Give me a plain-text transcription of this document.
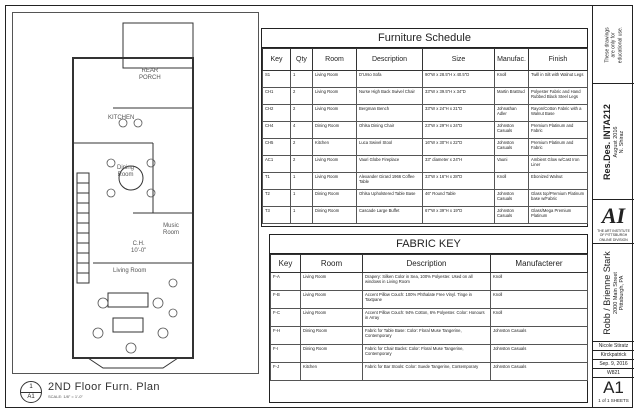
REAR
PORCH
KITCHEN
Dining
Room
Music
Room
C.H.
10'-0"
Living Room
1
A1
2ND Floor Furn. Plan
SCALE: 1/8" = 1'-0"
Furniture Schedule
Key	Qty	Room	Description	Size	Manufac.	Finish
S1	1	Living Room	D'Urso Sofa	90"W x 28.5"H x 40.5"D	Knoll	Twill in Silt with Walnut Legs
CH1	2	Living Room	Nurse High Back Swivel Chair	33"W x 39.5"H x 34"D	Martin Brattrud	Polyester Fabric and Hand Rubbed Black Steel Legs
CH2	2	Living Room	Bergman Bench	33"W x 24"H x 21"D	Johnathan Adler	Rayon/Cotton Fabric with a Walnut Base
CH4	4	Dining Room	Ohlsa Dining Chair	23"W x 29"H x 24"D	Johnston Casuals	Premium Platinum and Fabric
CH5	2	Kitchen	Luca Swivel Stool	16"W x 30"H x 22"D	Johnston Casuals	Premium Platinum and Fabric
AC1	2	Living Room	Vauri Globe Fireplace	33" diameter x 24"H	Vauni	Ambient Glow w/Cast Iron Liner
T1	1	Living Room	Alexander Girard 1966 Coffee Table	33"W x 16"H x 28"D	Knoll	Ebonized Walnut
T2	1	Dining Room	Ohlsa Upholstered Table Base	46" Round Table	Johnston Casuals	Glass top/Premium Platinum base w/Fabric
T3	1	Dining Room	Cascade Large Buffet	67"W x 39"H x 19"D	Johnston Casuals	Glass/Mega Premium Platinum
FABRIC KEY
Key	Room	Description	Manufacterer
F-A	Living Room	Drapery: Silken Color in Sea, 100% Polyester. Used on all windows in Living Room	Knoll
F-B	Living Room	Accent Pillow Couch: 100% Phthalate Free Vinyl. Tinge in Taxtpane	Knoll
F-C	Living Room	Accent Pillow Couch: 94% Cotton, 6% Polyester. Color: Honours in Array	Knoll
F-H	Dining Room	Fabric for Table Base: Color: Floral Muse Tangerine, Contemporary	Johnston Casuals
F-I	Dining Room	Fabric for Chair Backs: Color: Floral Muse Tangerine, Contemporary	Johnston Casuals
F-J	Kitchen	Fabric for Bar Stools: Color: Suede Tangerine, Contemporary	Johnston Casuals
These drawings
are only for
educational use.
Res.Des. INTA212 August 2016 N. Shiraz
AI
THE ART INSTITUTE
OF PITTSBURGH
ONLINE DIVISION
Robb / Brienne Stark 2000 Main Street Pittsburgh, PA
Nicole Stiratz
Kirckpatrick
Sep. 9, 2016
W821
A1
1 of 1 SHEETS
